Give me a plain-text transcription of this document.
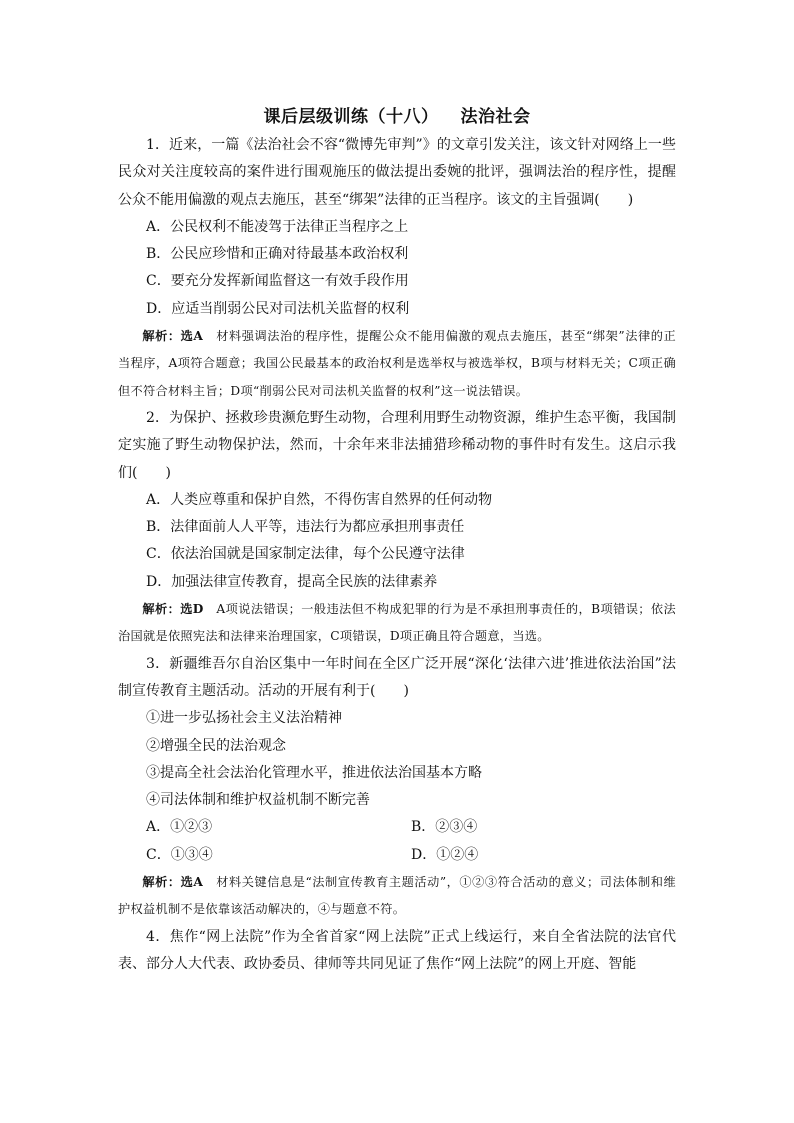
课后层级训练（十八） 法治社会

1．近来，一篇《法治社会不容“微博先审判”》的文章引发关注，该文针对网络上一些民众对关注度较高的案件进行围观施压的做法提出委婉的批评，强调法治的程序性，提醒公众不能用偏激的观点去施压，甚至“绑架”法律的正当程序。该文的主旨强调(　　)

A．公民权利不能凌驾于法律正当程序之上

B．公民应珍惜和正确对待最基本政治权利

C．要充分发挥新闻监督这一有效手段作用

D．应适当削弱公民对司法机关监督的权利

解析：选A　材料强调法治的程序性，提醒公众不能用偏激的观点去施压，甚至“绑架”法律的正当程序，A项符合题意；我国公民最基本的政治权利是选举权与被选举权，B项与材料无关；C项正确但不符合材料主旨；D项“削弱公民对司法机关监督的权利”这一说法错误。

2．为保护、拯救珍贵濒危野生动物，合理利用野生动物资源，维护生态平衡，我国制定实施了野生动物保护法，然而，十余年来非法捕猎珍稀动物的事件时有发生。这启示我们(　　)

A．人类应尊重和保护自然，不得伤害自然界的任何动物

B．法律面前人人平等，违法行为都应承担刑事责任

C．依法治国就是国家制定法律，每个公民遵守法律

D．加强法律宣传教育，提高全民族的法律素养

解析：选D　A项说法错误；一般违法但不构成犯罪的行为是不承担刑事责任的，B项错误；依法治国就是依照宪法和法律来治理国家，C项错误，D项正确且符合题意，当选。

3．新疆维吾尔自治区集中一年时间在全区广泛开展“深化‘法律六进’推进依法治国”法制宣传教育主题活动。活动的开展有利于(　　)

①进一步弘扬社会主义法治精神

②增强全民的法治观念

③提高全社会法治化管理水平，推进依法治国基本方略

④司法体制和维护权益机制不断完善

A．①②③	B．②③④
C．①③④	D．①②④

解析：选A　材料关键信息是“法制宣传教育主题活动”，①②③符合活动的意义；司法体制和维护权益机制不是依靠该活动解决的，④与题意不符。

4．焦作“网上法院”作为全省首家“网上法院”正式上线运行，来自全省法院的法官代表、部分人大代表、政协委员、律师等共同见证了焦作“网上法院”的网上开庭、智能
